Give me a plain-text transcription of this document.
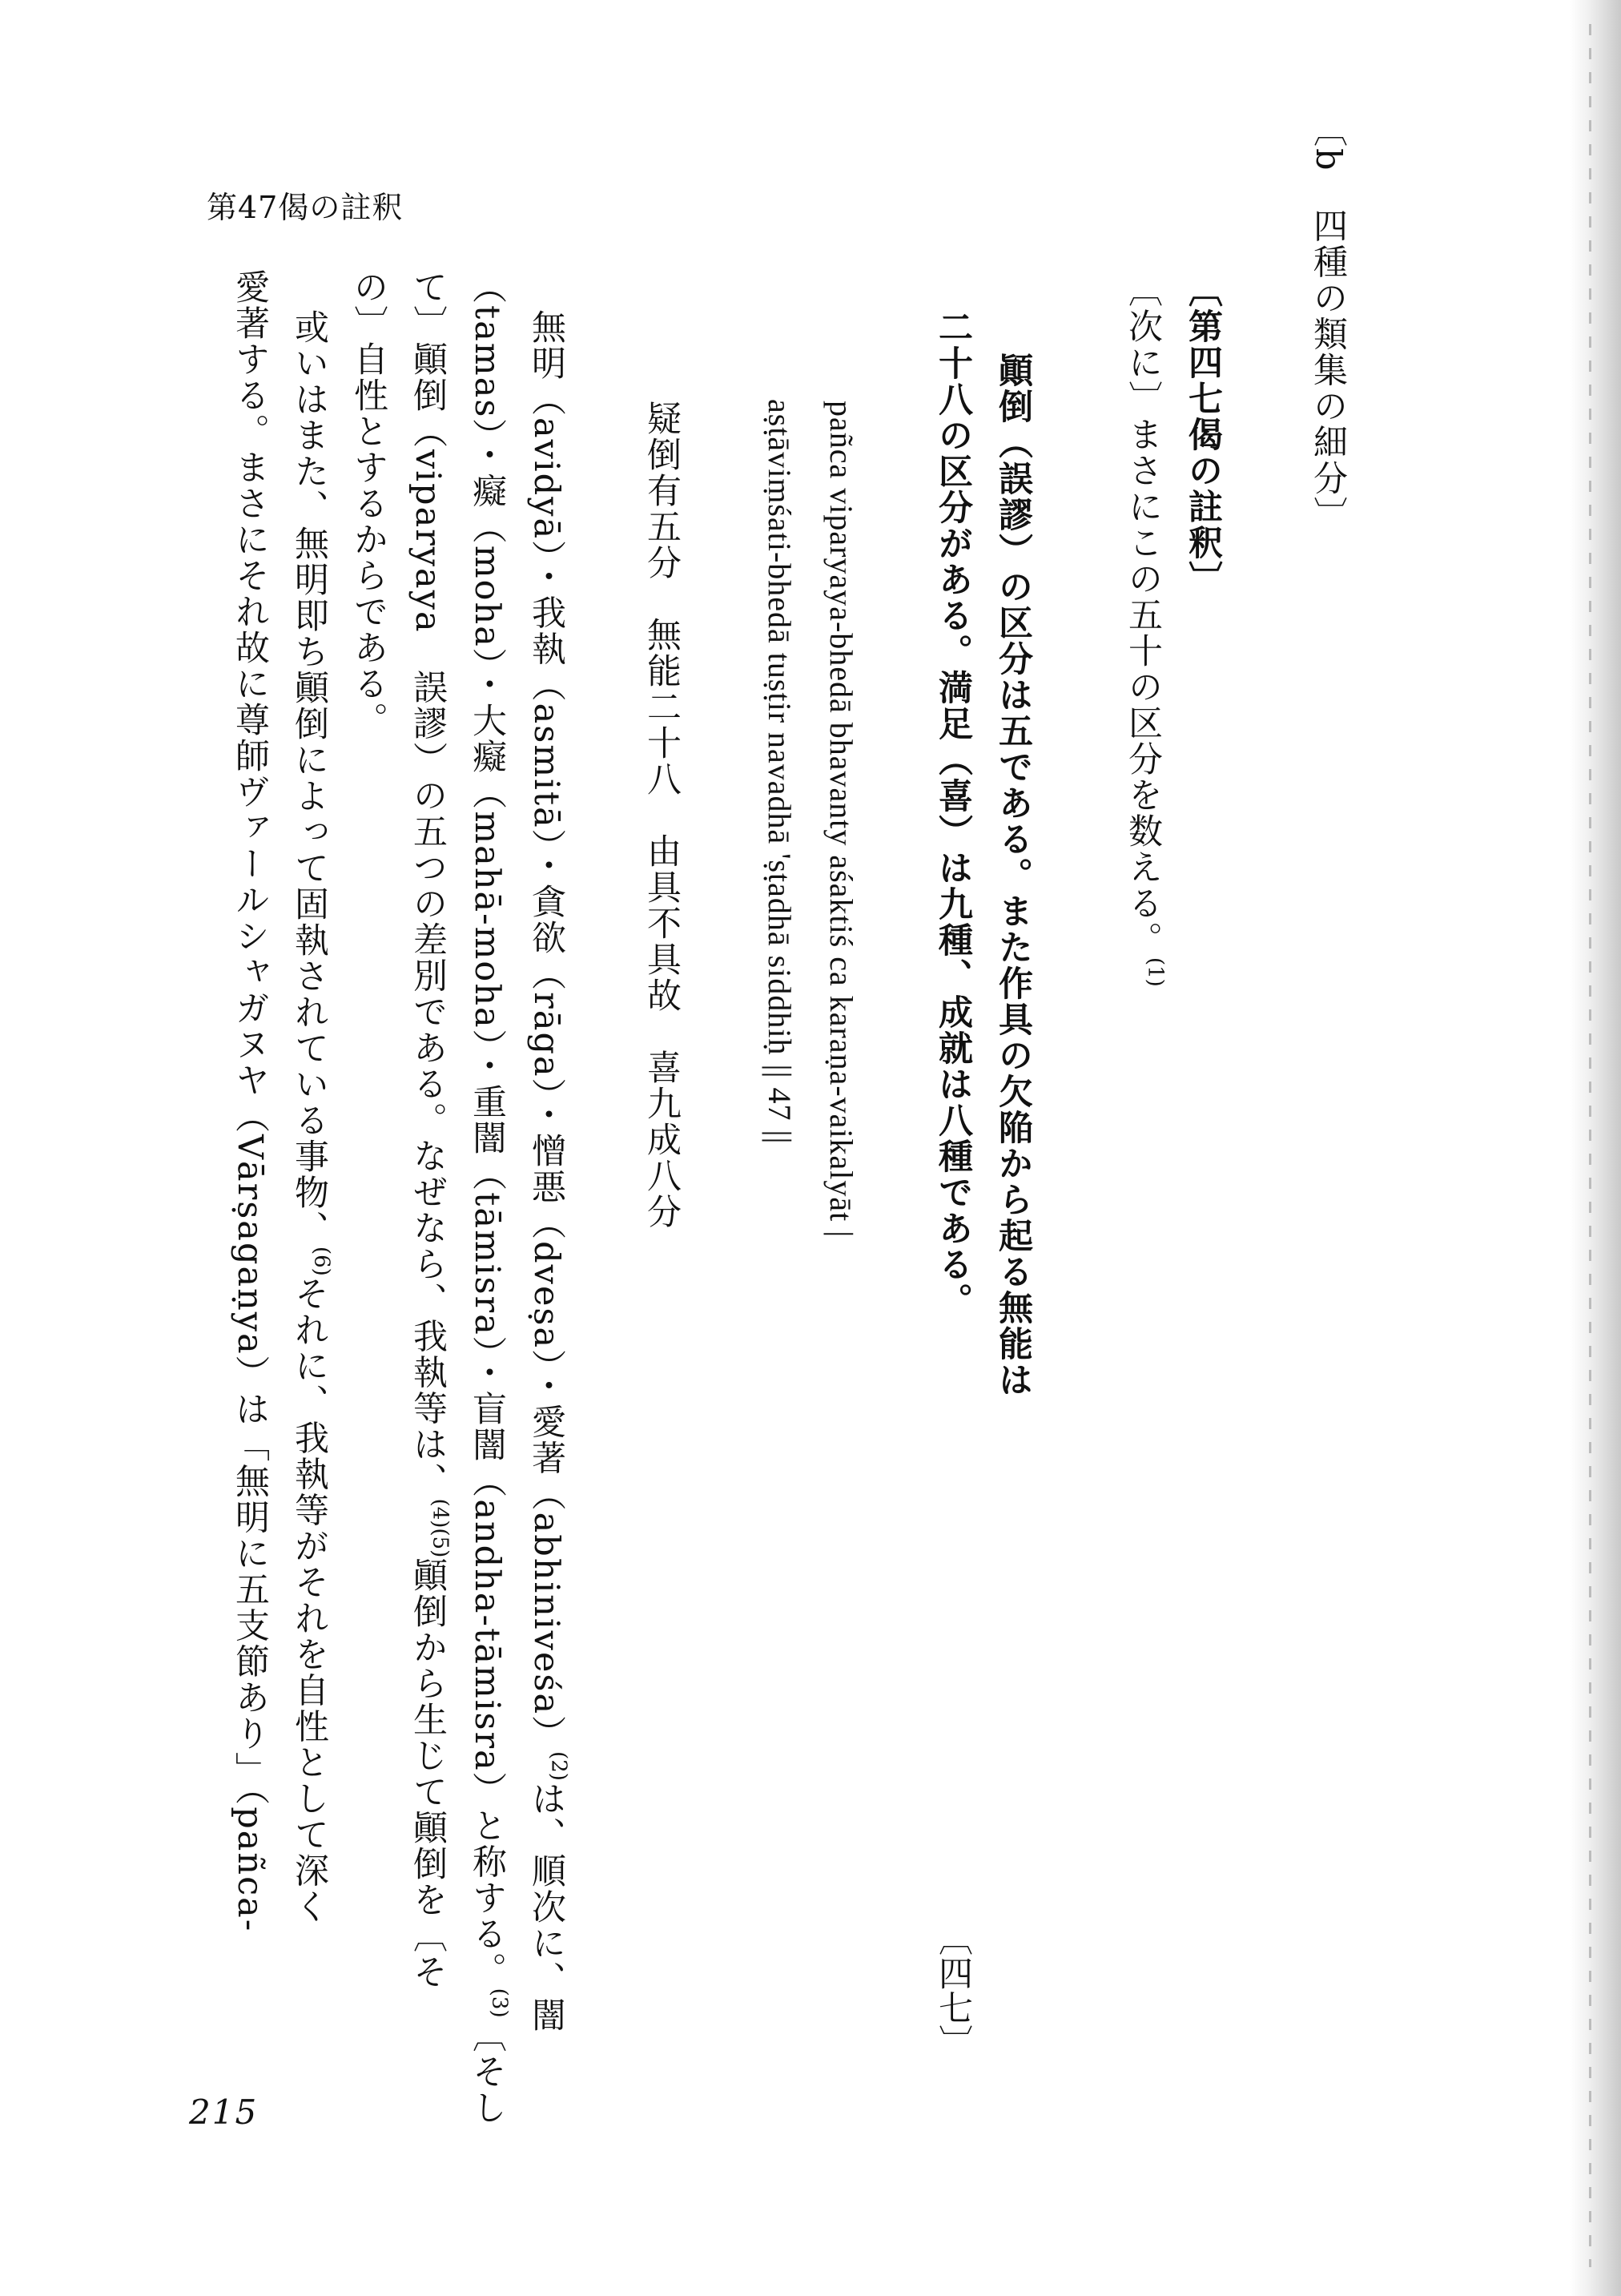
第47偈の註釈	〔b　四種の類集の細分〕
〔第四七偈の註釈〕
〔次に〕まさにこの五十の区分を数える。$^{(1)}$
顚倒（誤謬）の区分は五である。また作具の欠陥から起る無能は
二十八の区分がある。満足（喜）は九種、成就は八種である。
〔四七〕
pañca viparyaya-bhedā bhavanty aśaktiś ca karaṇa-vaikalyāt |
aṣṭāviṃśati-bhedā tuṣṭir navadhā 'ṣṭadhā siddhiḥ || 47 ||
疑倒有五分　無能二十八　由具不具故　喜九成八分
無明（avidyā）・我執（asmitā）・貪欲（rāga）・憎悪（dveṣa）・愛著（abhiniveśa）$^{(2)}$は、順次に、闇
（tamas）・癡（moha）・大癡（mahā-moha）・重闇（tāmisra）・盲闇（andha-tāmisra）と称する。$^{(3)}$〔そし
て〕顚倒（viparyaya　誤謬）の五つの差別である。なぜなら、我執等は、$^{(4)(5)}$顚倒から生じて顚倒を〔そ
の〕自性とするからである。
或いはまた、無明即ち顚倒によって固執されている事物、$^{(6)}$それに、我執等がそれを自性として深く
愛著する。まさにそれ故に尊師ヴァールシャガヌヤ（Vārṣagaṇya）は「無明に五支節あり」（pañca-
215
